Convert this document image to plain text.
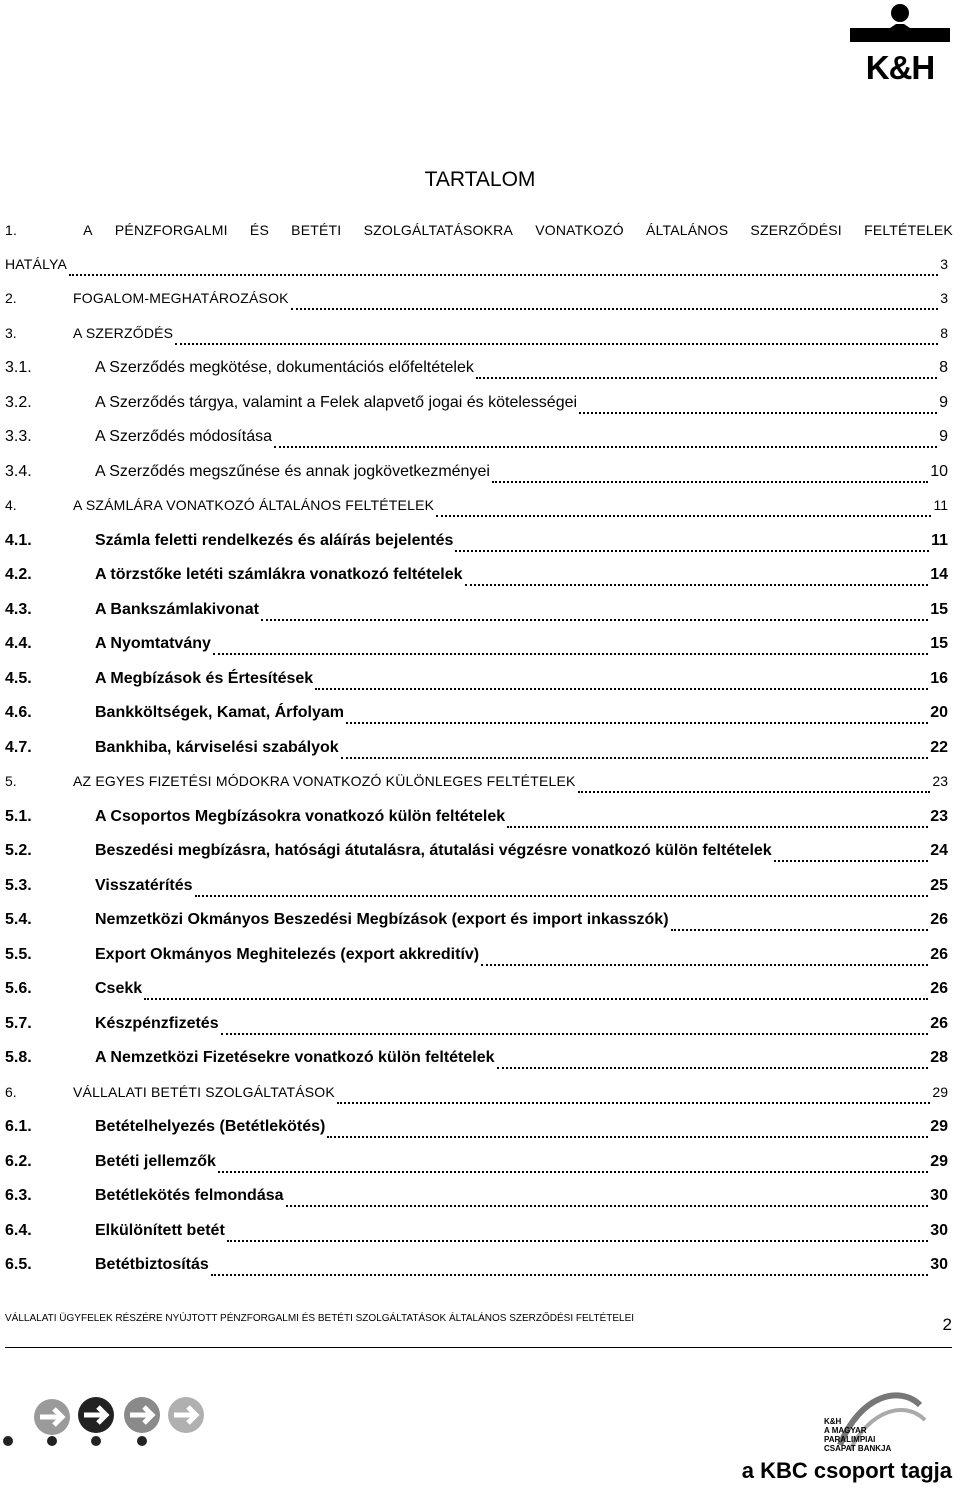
K&H
TARTALOM
1.	A PÉNZFORGALMI ÉS BETÉTI SZOLGÁLTATÁSOKRA VONATKOZÓ ÁLTALÁNOS SZERZŐDÉSI FELTÉTELEK
HATÁLYA	3
2.	FOGALOM-MEGHATÁROZÁSOK	3
3.	A SZERZŐDÉS	8
3.1.	A Szerződés megkötése, dokumentációs előfeltételek	8
3.2.	A Szerződés tárgya, valamint a Felek alapvető jogai és kötelességei	9
3.3.	A Szerződés módosítása	9
3.4.	A Szerződés megszűnése és annak jogkövetkezményei	10
4.	A SZÁMLÁRA VONATKOZÓ ÁLTALÁNOS FELTÉTELEK	11
4.1.	Számla feletti rendelkezés és aláírás bejelentés	11
4.2.	A törzstőke letéti számlákra vonatkozó feltételek	14
4.3.	A Bankszámlakivonat	15
4.4.	A Nyomtatvány	15
4.5.	A Megbízások és Értesítések	16
4.6.	Bankköltségek, Kamat, Árfolyam	20
4.7.	Bankhiba, kárviselési szabályok	22
5.	AZ EGYES FIZETÉSI MÓDOKRA VONATKOZÓ KÜLÖNLEGES FELTÉTELEK	23
5.1.	A Csoportos Megbízásokra vonatkozó külön feltételek	23
5.2.	Beszedési megbízásra, hatósági átutalásra, átutalási végzésre vonatkozó külön feltételek	24
5.3.	Visszatérítés	25
5.4.	Nemzetközi Okmányos Beszedési Megbízások (export és import inkasszók)	26
5.5.	Export Okmányos Meghitelezés (export akkreditív)	26
5.6.	Csekk	26
5.7.	Készpénzfizetés	26
5.8.	A Nemzetközi Fizetésekre vonatkozó külön feltételek	28
6.	VÁLLALATI BETÉTI SZOLGÁLTATÁSOK	29
6.1.	Betételhelyezés (Betétlekötés)	29
6.2.	Betéti jellemzők	29
6.3.	Betétlekötés felmondása	30
6.4.	Elkülönített betét	30
6.5.	Betétbiztosítás	30
VÁLLALATI ÜGYFELEK RÉSZÉRE NYÚJTOTT PÉNZFORGALMI ÉS BETÉTI SZOLGÁLTATÁSOK ÁLTALÁNOS SZERZŐDÉSI FELTÉTELEI	2
K&H
A MAGYAR
PARALIMPIAI
CSAPAT BANKJA
a KBC csoport tagja
